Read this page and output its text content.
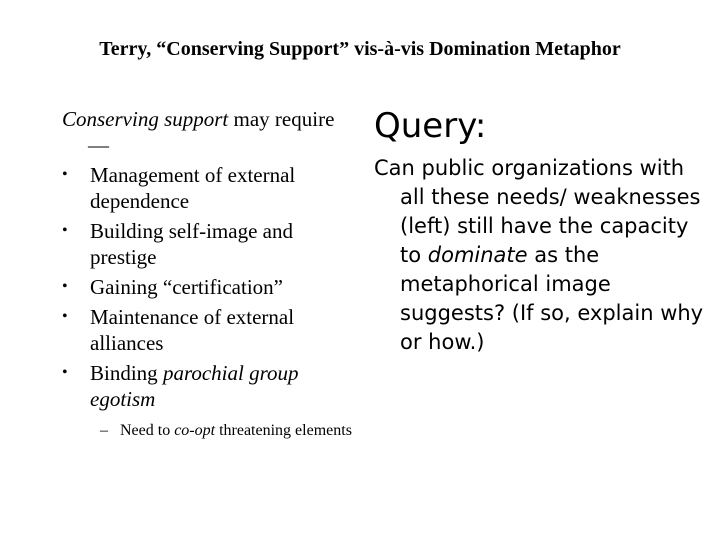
Terry, “Conserving Support” vis-à-vis Domination Metaphor

Conserving support may require—

•	Management of external dependence
•	Building self-image and prestige
•	Gaining “certification”
•	Maintenance of external alliances
•	Binding parochial group egotism
– Need to co-opt threatening elements
Query:

Can public organizations with all these needs/ weaknesses (left) still have the capacity to dominate as the metaphorical image suggests? (If so, explain why or how.)
